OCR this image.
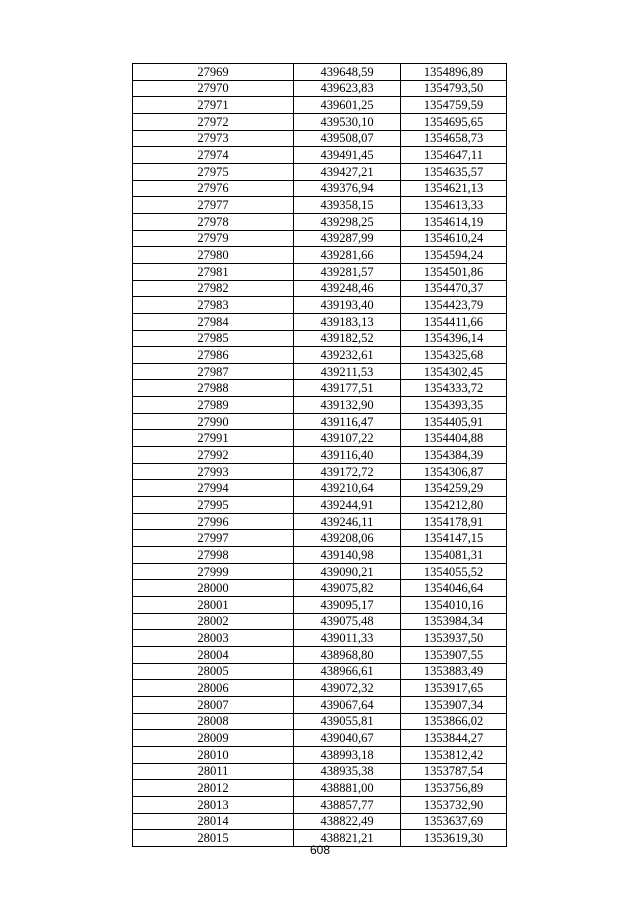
27969	439648,59	1354896,89
27970	439623,83	1354793,50
27971	439601,25	1354759,59
27972	439530,10	1354695,65
27973	439508,07	1354658,73
27974	439491,45	1354647,11
27975	439427,21	1354635,57
27976	439376,94	1354621,13
27977	439358,15	1354613,33
27978	439298,25	1354614,19
27979	439287,99	1354610,24
27980	439281,66	1354594,24
27981	439281,57	1354501,86
27982	439248,46	1354470,37
27983	439193,40	1354423,79
27984	439183,13	1354411,66
27985	439182,52	1354396,14
27986	439232,61	1354325,68
27987	439211,53	1354302,45
27988	439177,51	1354333,72
27989	439132,90	1354393,35
27990	439116,47	1354405,91
27991	439107,22	1354404,88
27992	439116,40	1354384,39
27993	439172,72	1354306,87
27994	439210,64	1354259,29
27995	439244,91	1354212,80
27996	439246,11	1354178,91
27997	439208,06	1354147,15
27998	439140,98	1354081,31
27999	439090,21	1354055,52
28000	439075,82	1354046,64
28001	439095,17	1354010,16
28002	439075,48	1353984,34
28003	439011,33	1353937,50
28004	438968,80	1353907,55
28005	438966,61	1353883,49
28006	439072,32	1353917,65
28007	439067,64	1353907,34
28008	439055,81	1353866,02
28009	439040,67	1353844,27
28010	438993,18	1353812,42
28011	438935,38	1353787,54
28012	438881,00	1353756,89
28013	438857,77	1353732,90
28014	438822,49	1353637,69
28015	438821,21	1353619,30
608
